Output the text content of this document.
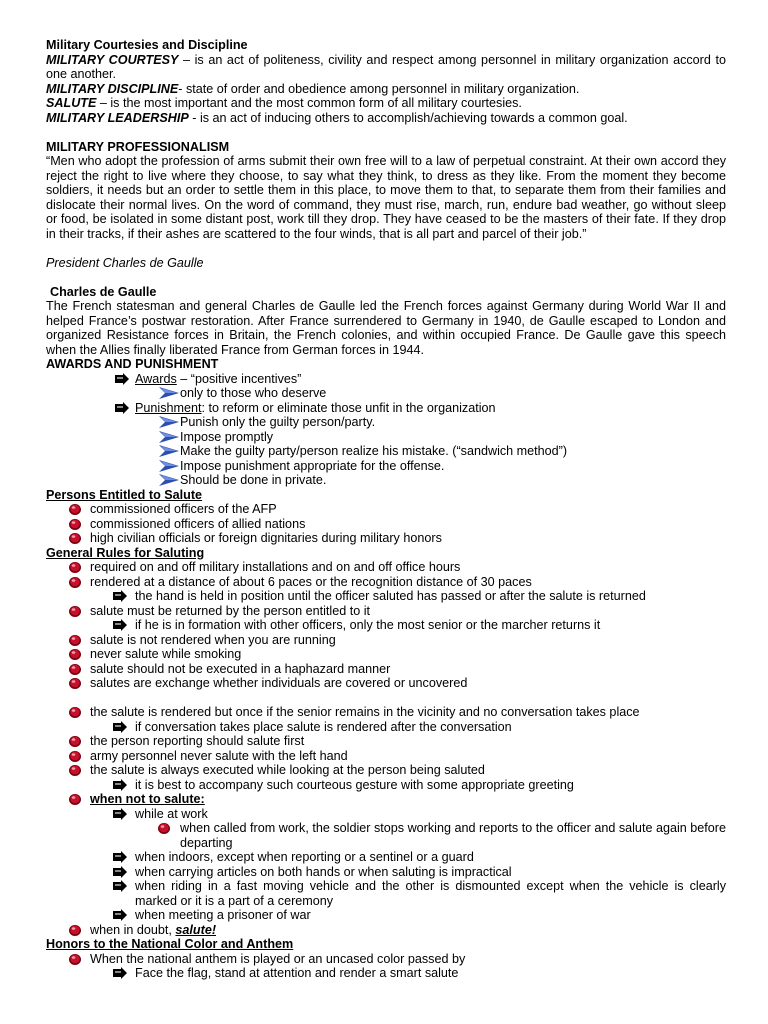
Military Courtesies and Discipline
MILITARY COURTESY – is an act of politeness, civility and respect among personnel in military organization accord to one another.
MILITARY DISCIPLINE- state of order and obedience among personnel in military organization.
SALUTE – is the most important and the most common form of all military courtesies.
MILITARY LEADERSHIP - is an act of inducing others to accomplish/achieving towards a common goal.
MILITARY PROFESSIONALISM
“Men who adopt the profession of arms submit their own free will to a law of perpetual constraint. At their own accord they reject the right to live where they choose, to say what they think, to dress as they like. From the moment they become soldiers, it needs but an order to settle them in this place, to move them to that, to separate them from their families and dislocate their normal lives. On the word of command, they must rise, march, run, endure bad weather, go without sleep or food, be isolated in some distant post, work till they drop. They have ceased to be the masters of their fate. If they drop in their tracks, if their ashes are scattered to the four winds, that is all part and parcel of their job.”
President Charles de Gaulle
Charles de Gaulle
The French statesman and general Charles de Gaulle led the French forces against Germany during World War II and helped France’s postwar restoration. After France surrendered to Germany in 1940, de Gaulle escaped to London and organized Resistance forces in Britain, the French colonies, and within occupied France. De Gaulle gave this speech when the Allies finally liberated France from German forces in 1944.
AWARDS AND PUNISHMENT
Awards – “positive incentives”
only to those who deserve
Punishment: to reform or eliminate those unfit in the organization
Punish only the guilty person/party.
Impose promptly
Make the guilty party/person realize his mistake. (“sandwich method”)
Impose punishment appropriate for the offense.
Should be done in private.
Persons Entitled to Salute
commissioned officers of the AFP
commissioned officers of allied nations
high civilian officials or foreign dignitaries during military honors
General Rules for Saluting
required on and off military installations and on and off office hours
rendered at a distance of about 6 paces or the recognition distance of 30 paces
the hand is held in position until the officer saluted has passed or after the salute is returned
salute must be returned by the person entitled to it
if he is in formation with other officers, only the most senior or the marcher returns it
salute is not rendered when you are running
never salute while smoking
salute should not be executed in a haphazard manner
salutes are exchange whether individuals are covered or uncovered
the salute is rendered but once if the senior remains in the vicinity and no conversation takes place
if conversation takes place salute is rendered after the conversation
the person reporting should salute first
army personnel never salute with the left hand
the salute is always executed while looking at the person being saluted
it is best to accompany such courteous gesture with some appropriate greeting
when not to salute:
while at work
when called from work, the soldier stops working and reports to the officer and salute again before departing
when indoors, except when reporting or a sentinel or a guard
when carrying articles on both hands or when saluting is impractical
when riding in a fast moving vehicle and the other is dismounted except when the vehicle is clearly marked or it is a part of a ceremony
when meeting a prisoner of war
when in doubt, salute!
Honors to the National Color and Anthem
When the national anthem is played or an uncased color passed by
Face the flag, stand at attention and render a smart salute
